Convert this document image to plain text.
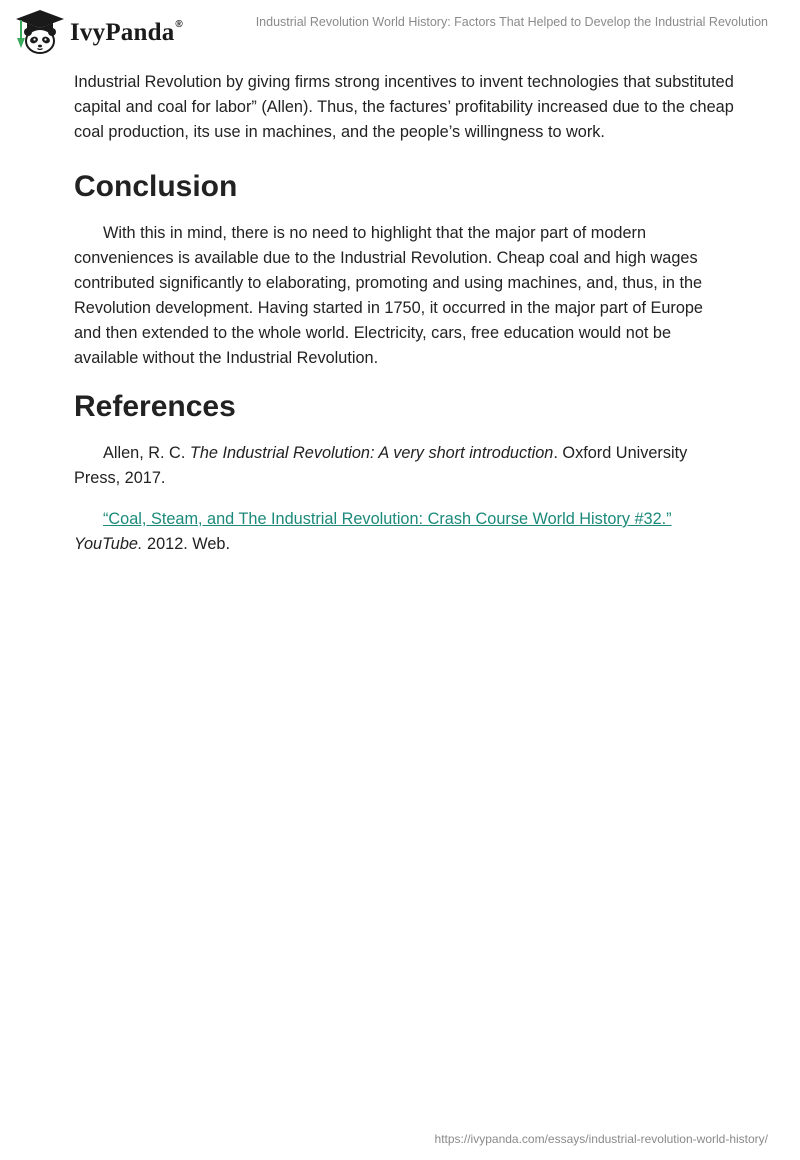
IvyPanda®	Industrial Revolution World History: Factors That Helped to Develop the Industrial Revolution

Industrial Revolution by giving firms strong incentives to invent technologies that substituted capital and coal for labor” (Allen). Thus, the factures’ profitability increased due to the cheap coal production, its use in machines, and the people’s willingness to work.

Conclusion

With this in mind, there is no need to highlight that the major part of modern conveniences is available due to the Industrial Revolution. Cheap coal and high wages contributed significantly to elaborating, promoting and using machines, and, thus, in the Revolution development. Having started in 1750, it occurred in the major part of Europe and then extended to the whole world. Electricity, cars, free education would not be available without the Industrial Revolution.

References

Allen, R. C. The Industrial Revolution: A very short introduction. Oxford University Press, 2017.

“Coal, Steam, and The Industrial Revolution: Crash Course World History #32.” YouTube. 2012. Web.

https://ivypanda.com/essays/industrial-revolution-world-history/
